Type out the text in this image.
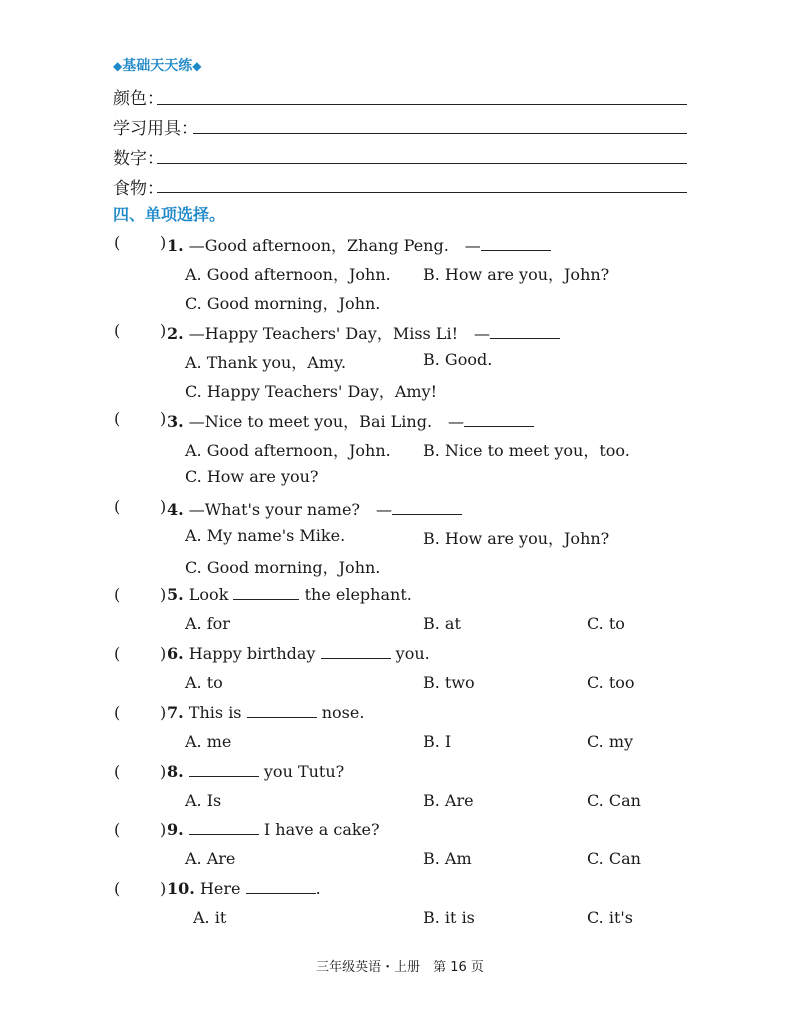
◆基础天天练◆
颜色：
学习用具：
数字：
食物：
四、单项选择。
( ) 1. —Good afternoon，Zhang Peng.　—
A. Good afternoon，John. B. How are you，John?
C. Good morning，John.
( ) 2. —Happy Teachers' Day，Miss Li!　—
A. Thank you，Amy.	B. Good.
C. Happy Teachers' Day，Amy!
( ) 3. —Nice to meet you，Bai Ling.　—
A. Good afternoon，John. B. Nice to meet you，too.
C. How are you?
( ) 4. —What's your name?　—
A. My name's Mike.	B. How are you，John?
C. Good morning，John.
( ) 5. Look	the elephant.
A. for	B. at	C. to
( ) 6. Happy birthday	you.
A. to	B. two	C. too
( ) 7. This is	nose.
A. me	B. I	C. my
( ) 8.	you Tutu?
A. Is	B. Are	C. Can
( ) 9.	I have a cake?
A. Are	B. Am	C. Can
( ) 10. Here	.
A. it	B. it is	C. it's
三年级英语・上册　第 16 页
